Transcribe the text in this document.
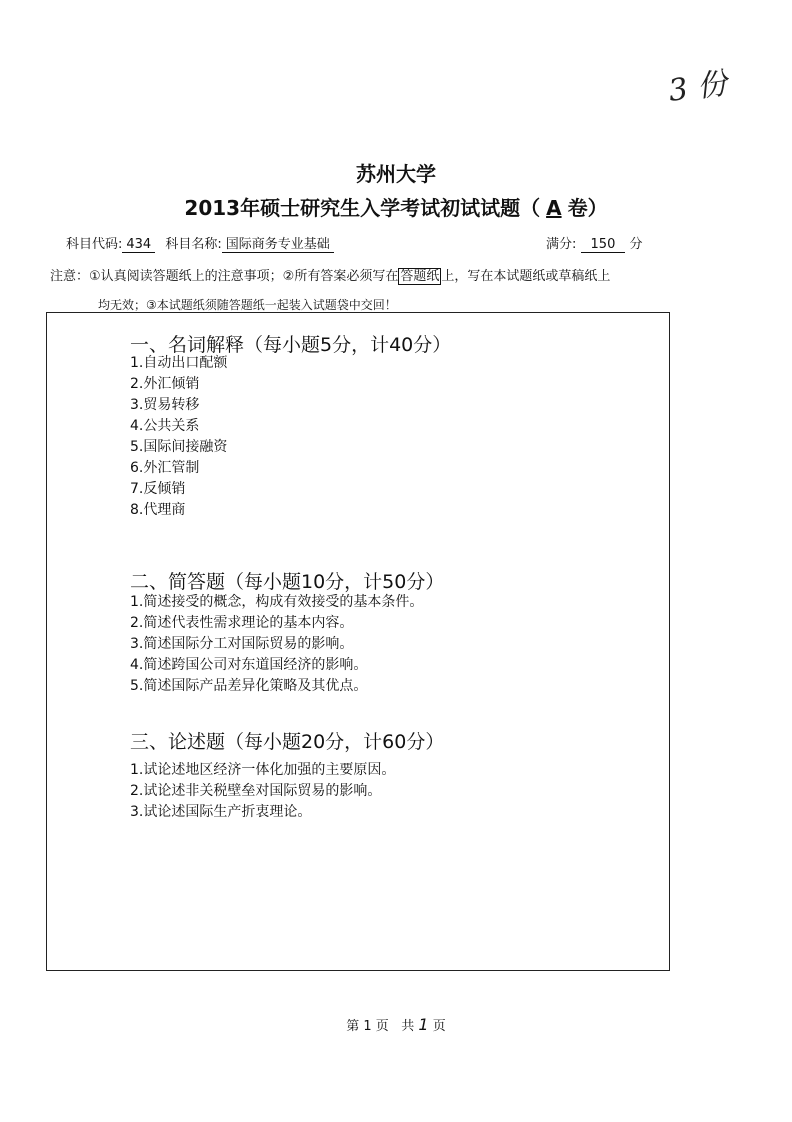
3 份
苏州大学
2013年硕士研究生入学考试初试试题（ A 卷）
科目代码: 434 科目名称: 国际商务专业基础	满分: 150 分
注意：①认真阅读答题纸上的注意事项；②所有答案必须写在 答题纸 上，写在本试题纸或草稿纸上
均无效；③本试题纸须随答题纸一起装入试题袋中交回！
一、名词解释（每小题5分，计40分）
1.自动出口配额
2.外汇倾销
3.贸易转移
4.公共关系
5.国际间接融资
6.外汇管制
7.反倾销
8.代理商
二、简答题（每小题10分，计50分）
1.简述接受的概念，构成有效接受的基本条件。
2.简述代表性需求理论的基本内容。
3.简述国际分工对国际贸易的影响。
4.简述跨国公司对东道国经济的影响。
5.简述国际产品差异化策略及其优点。
三、论述题（每小题20分，计60分）
1.试论述地区经济一体化加强的主要原因。
2.试论述非关税壁垒对国际贸易的影响。
3.试论述国际生产折衷理论。
第 1 页 共 1 页
